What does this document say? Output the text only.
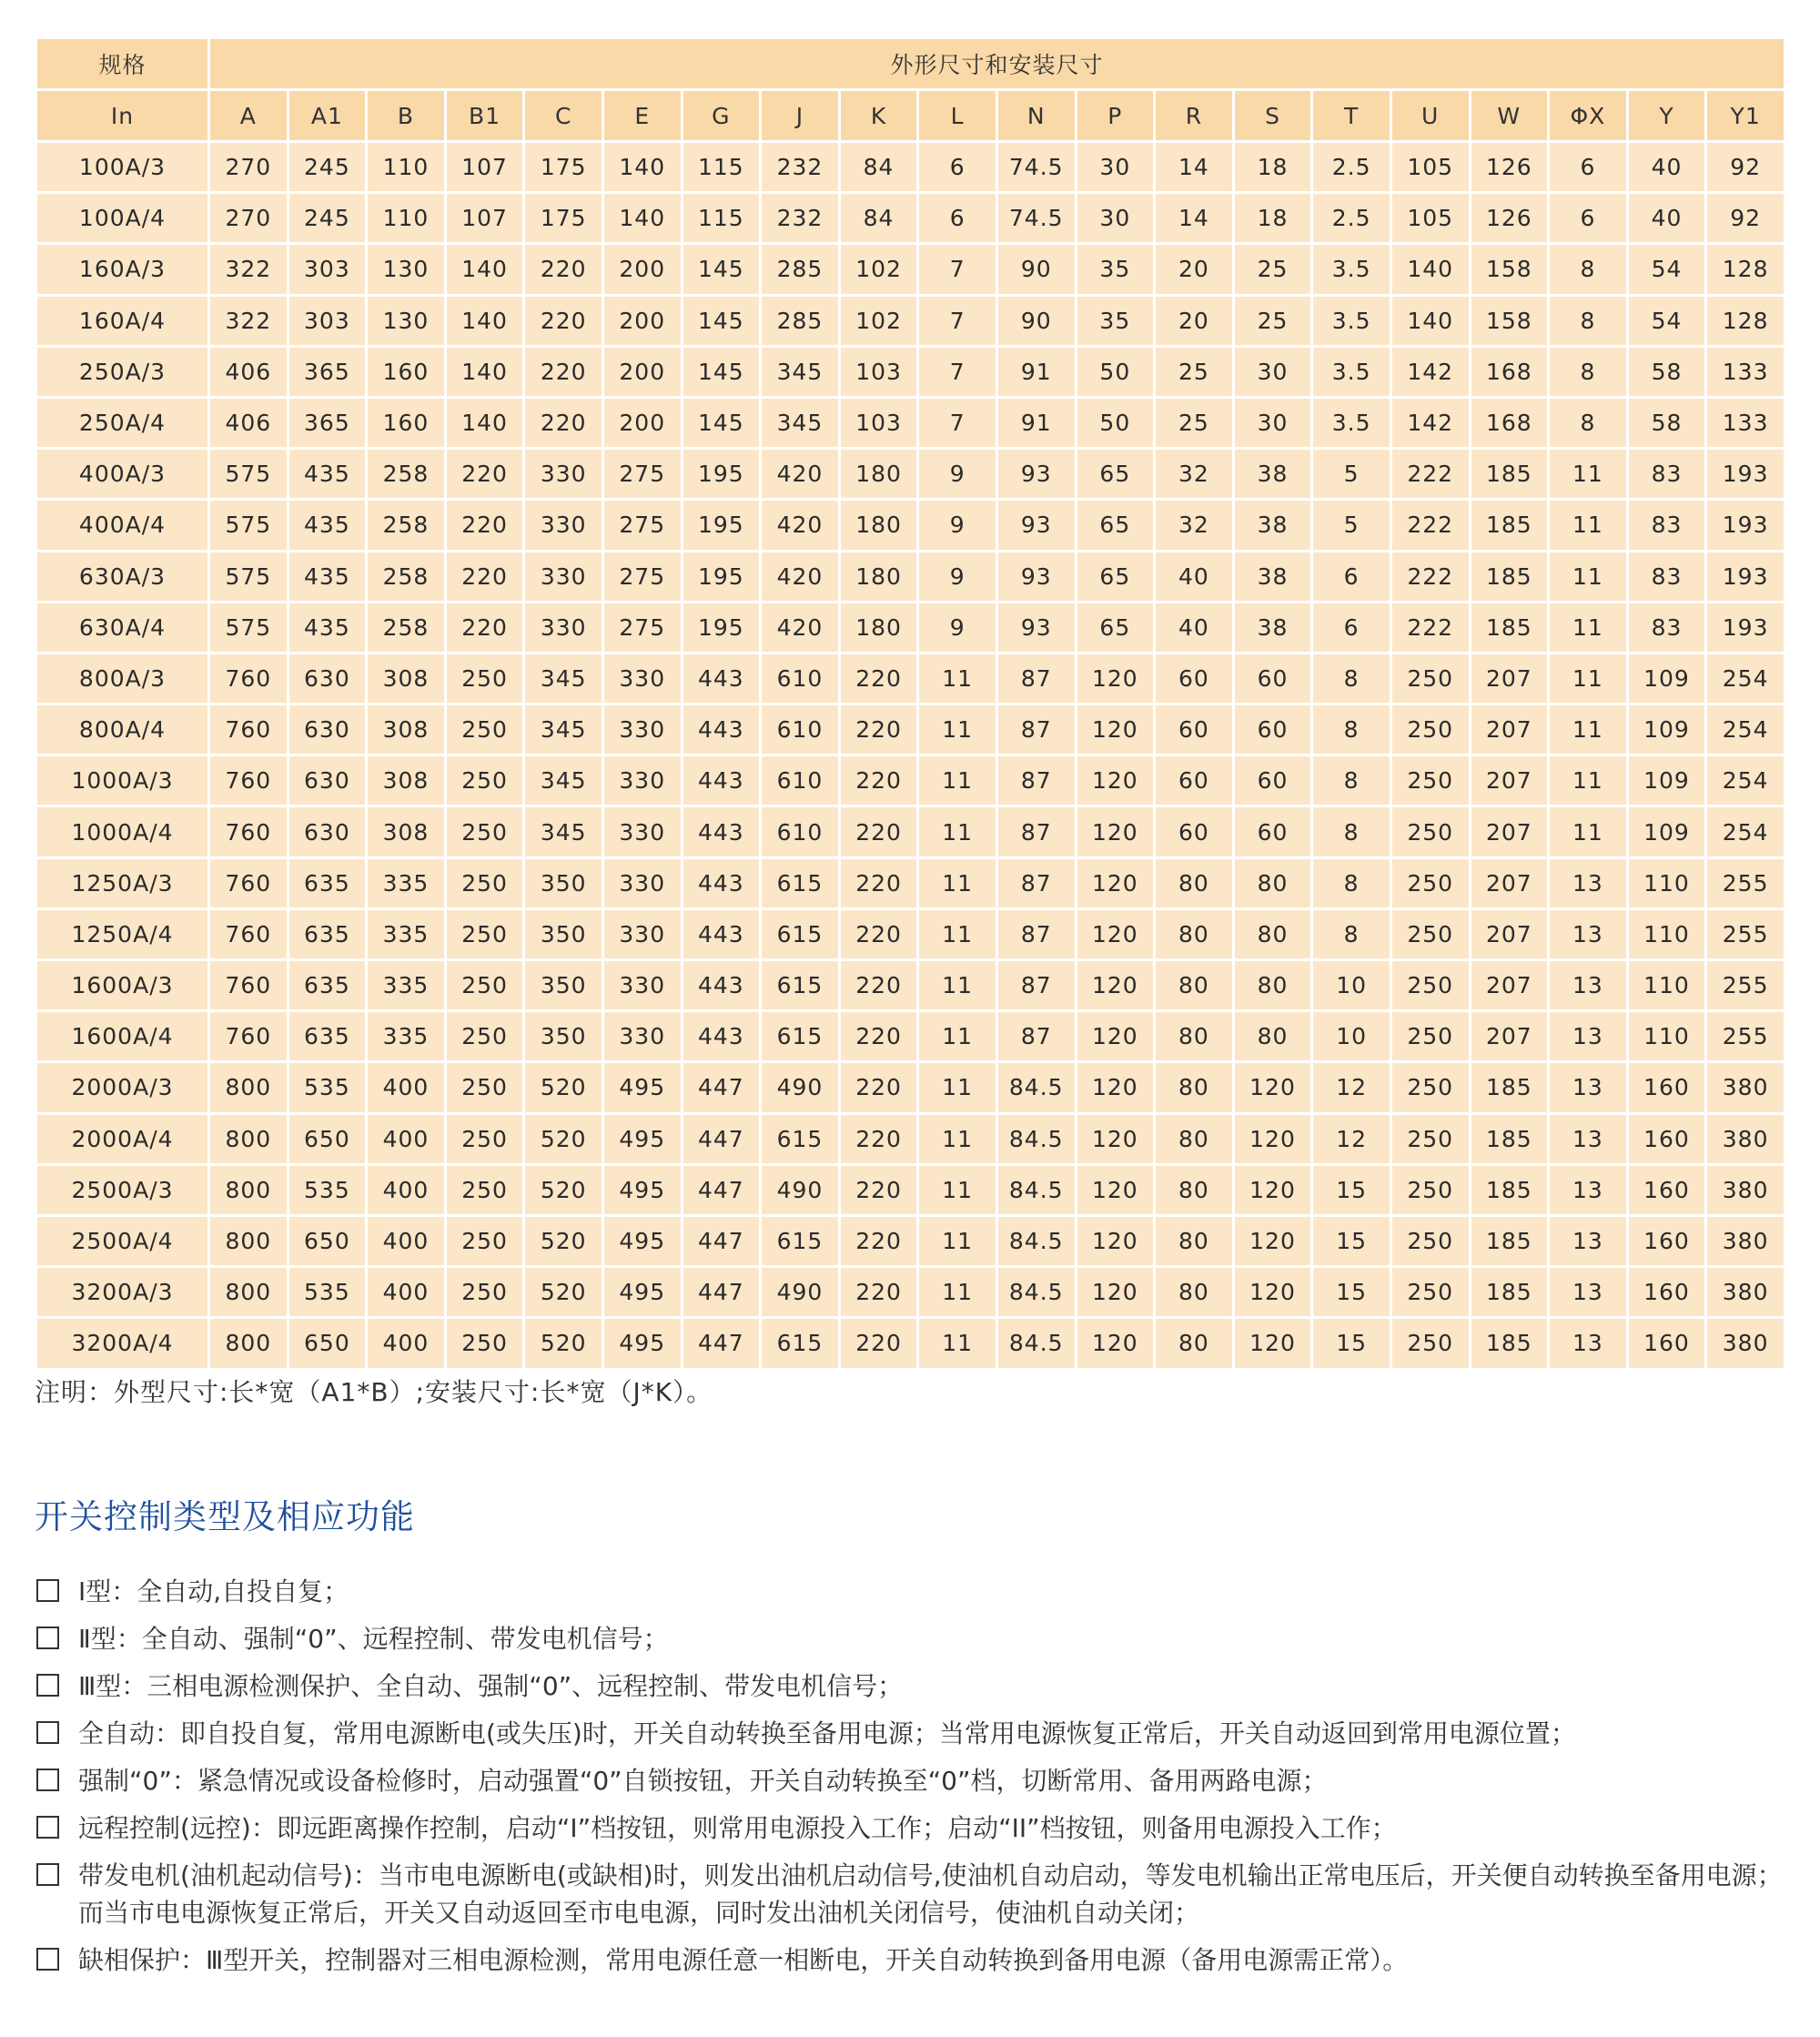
规格	外形尺寸和安装尺寸																			
In	A	A1	B	B1	C	E	G	J	K	L	N	P	R	S	T	U	W	ΦX	Y	Y1
100A/3	270	245	110	107	175	140	115	232	84	6	74.5	30	14	18	2.5	105	126	6	40	92
100A/4	270	245	110	107	175	140	115	232	84	6	74.5	30	14	18	2.5	105	126	6	40	92
160A/3	322	303	130	140	220	200	145	285	102	7	90	35	20	25	3.5	140	158	8	54	128
160A/4	322	303	130	140	220	200	145	285	102	7	90	35	20	25	3.5	140	158	8	54	128
250A/3	406	365	160	140	220	200	145	345	103	7	91	50	25	30	3.5	142	168	8	58	133
250A/4	406	365	160	140	220	200	145	345	103	7	91	50	25	30	3.5	142	168	8	58	133
400A/3	575	435	258	220	330	275	195	420	180	9	93	65	32	38	5	222	185	11	83	193
400A/4	575	435	258	220	330	275	195	420	180	9	93	65	32	38	5	222	185	11	83	193
630A/3	575	435	258	220	330	275	195	420	180	9	93	65	40	38	6	222	185	11	83	193
630A/4	575	435	258	220	330	275	195	420	180	9	93	65	40	38	6	222	185	11	83	193
800A/3	760	630	308	250	345	330	443	610	220	11	87	120	60	60	8	250	207	11	109	254
800A/4	760	630	308	250	345	330	443	610	220	11	87	120	60	60	8	250	207	11	109	254
1000A/3	760	630	308	250	345	330	443	610	220	11	87	120	60	60	8	250	207	11	109	254
1000A/4	760	630	308	250	345	330	443	610	220	11	87	120	60	60	8	250	207	11	109	254
1250A/3	760	635	335	250	350	330	443	615	220	11	87	120	80	80	8	250	207	13	110	255
1250A/4	760	635	335	250	350	330	443	615	220	11	87	120	80	80	8	250	207	13	110	255
1600A/3	760	635	335	250	350	330	443	615	220	11	87	120	80	80	10	250	207	13	110	255
1600A/4	760	635	335	250	350	330	443	615	220	11	87	120	80	80	10	250	207	13	110	255
2000A/3	800	535	400	250	520	495	447	490	220	11	84.5	120	80	120	12	250	185	13	160	380
2000A/4	800	650	400	250	520	495	447	615	220	11	84.5	120	80	120	12	250	185	13	160	380
2500A/3	800	535	400	250	520	495	447	490	220	11	84.5	120	80	120	15	250	185	13	160	380
2500A/4	800	650	400	250	520	495	447	615	220	11	84.5	120	80	120	15	250	185	13	160	380
3200A/3	800	535	400	250	520	495	447	490	220	11	84.5	120	80	120	15	250	185	13	160	380
3200A/4	800	650	400	250	520	495	447	615	220	11	84.5	120	80	120	15	250	185	13	160	380
注明：外型尺寸:长*宽（A1*B）;安装尺寸:长*宽（J*K）。
开关控制类型及相应功能
Ⅰ型：全自动,自投自复；
Ⅱ型：全自动、强制“0”、远程控制、带发电机信号；
Ⅲ型：三相电源检测保护、全自动、强制“0”、远程控制、带发电机信号；
全自动：即自投自复，常用电源断电(或失压)时，开关自动转换至备用电源；当常用电源恢复正常后，开关自动返回到常用电源位置；
强制“0”：紧急情况或设备检修时，启动强置“0”自锁按钮，开关自动转换至“0”档，切断常用、备用两路电源；
远程控制(远控)：即远距离操作控制，启动“I”档按钮，则常用电源投入工作；启动“II”档按钮，则备用电源投入工作；
带发电机(油机起动信号)：当市电电源断电(或缺相)时，则发出油机启动信号,使油机自动启动，等发电机输出正常电压后，开关便自动转换至备用电源；而当市电电源恢复正常后，开关又自动返回至市电电源，同时发出油机关闭信号，使油机自动关闭；
缺相保护：Ⅲ型开关，控制器对三相电源检测，常用电源任意一相断电，开关自动转换到备用电源（备用电源需正常）。
